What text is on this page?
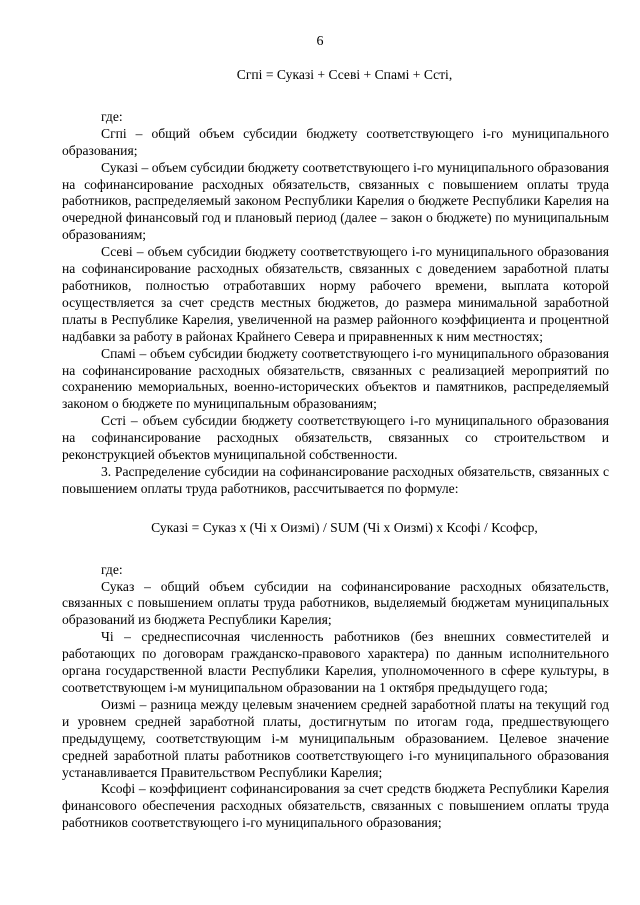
6

Сгпi = Суказi + Ссевi + Спамi + Сстi,

где:

Сгпi – общий объем субсидии бюджету соответствующего i-го муниципального образования;

Суказi – объем субсидии бюджету соответствующего i-го муниципального образования на софинансирование расходных обязательств, связанных с повышением оплаты труда работников, распределяемый законом Республики Карелия о бюджете Республики Карелия на очередной финансовый год и плановый период (далее – закон о бюджете) по муниципальным образованиям;

Ссевi – объем субсидии бюджету соответствующего i-го муниципального образования на софинансирование расходных обязательств, связанных с доведением заработной платы работников, полностью отработавших норму рабочего времени, выплата которой осуществляется за счет средств местных бюджетов, до размера минимальной заработной платы в Республике Карелия, увеличенной на размер районного коэффициента и процентной надбавки за работу в районах Крайнего Севера и приравненных к ним местностях;

Спамi – объем субсидии бюджету соответствующего i-го муниципального образования на софинансирование расходных обязательств, связанных с реализацией мероприятий по сохранению мемориальных, военно-исторических объектов и памятников, распределяемый законом о бюджете по муниципальным образованиям;

Сстi – объем субсидии бюджету соответствующего i-го муниципального образования на софинансирование расходных обязательств, связанных со строительством и реконструкцией объектов муниципальной собственности.

3. Распределение субсидии на софинансирование расходных обязательств, связанных с повышением оплаты труда работников, рассчитывается по формуле:

Суказi = Суказ x (Чi x Оизмi) / SUM (Чi x Оизмi) x Ксофi / Ксофср,

где:

Суказ – общий объем субсидии на софинансирование расходных обязательств, связанных с повышением оплаты труда работников, выделяемый бюджетам муниципальных образований из бюджета Республики Карелия;

Чi – среднесписочная численность работников (без внешних совместителей и работающих по договорам гражданско-правового характера) по данным исполнительного органа государственной власти Республики Карелия, уполномоченного в сфере культуры, в соответствующем i-м муниципальном образовании на 1 октября предыдущего года;

Оизмi – разница между целевым значением средней заработной платы на текущий год и уровнем средней заработной платы, достигнутым по итогам года, предшествующего предыдущему, соответствующим i-м муниципальным образованием. Целевое значение средней заработной платы работников соответствующего i-го муниципального образования устанавливается Правительством Республики Карелия;

Ксофi – коэффициент софинансирования за счет средств бюджета Республики Карелия финансового обеспечения расходных обязательств, связанных с повышением оплаты труда работников соответствующего i-го муниципального образования;
